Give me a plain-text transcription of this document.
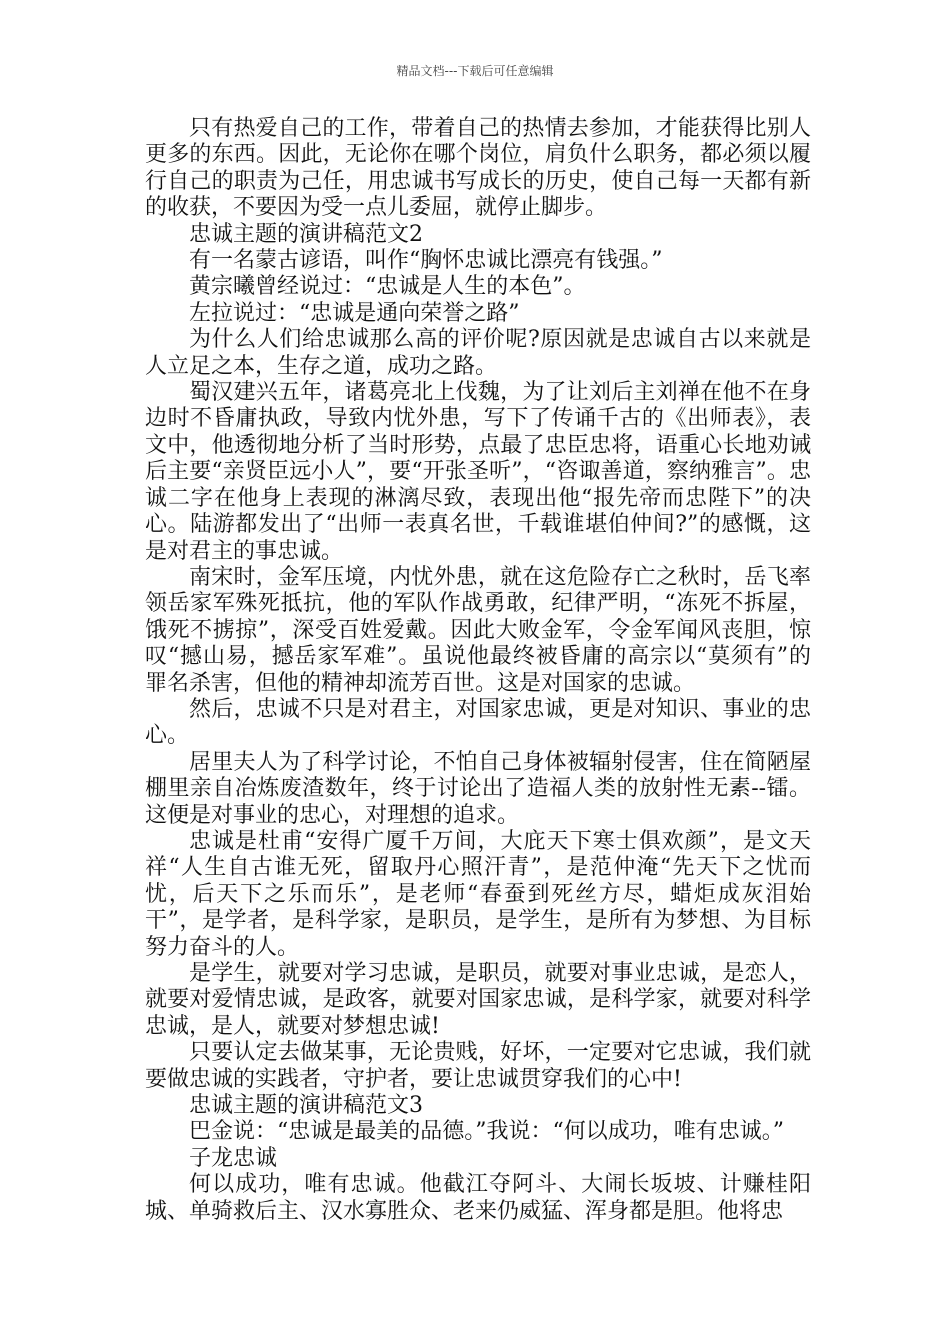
精品文档---下载后可任意编辑

只有热爱自己的工作，带着自己的热情去参加，才能获得比别人更多的东西。因此，无论你在哪个岗位，肩负什么职务，都必须以履行自己的职责为己任，用忠诚书写成长的历史，使自己每一天都有新的收获，不要因为受一点儿委屈，就停止脚步。

忠诚主题的演讲稿范文2

有一名蒙古谚语，叫作“胸怀忠诚比漂亮有钱强。”

黄宗曦曾经说过：“忠诚是人生的本色”。

左拉说过：“忠诚是通向荣誉之路”

为什么人们给忠诚那么高的评价呢?原因就是忠诚自古以来就是人立足之本，生存之道，成功之路。

蜀汉建兴五年，诸葛亮北上伐魏，为了让刘后主刘禅在他不在身边时不昏庸执政，导致内忧外患，写下了传诵千古的《出师表》，表文中，他透彻地分析了当时形势，点最了忠臣忠将，语重心长地劝诫后主要“亲贤臣远小人”，要“开张圣听”，“咨诹善道，察纳雅言”。忠诚二字在他身上表现的淋漓尽致，表现出他“报先帝而忠陛下”的决心。陆游都发出了“出师一表真名世，千载谁堪伯仲间?”的感慨，这是对君主的事忠诚。

南宋时，金军压境，内忧外患，就在这危险存亡之秋时，岳飞率领岳家军殊死抵抗，他的军队作战勇敢，纪律严明，“冻死不拆屋，饿死不掳掠”，深受百姓爱戴。因此大败金军，令金军闻风丧胆，惊叹“撼山易，撼岳家军难”。虽说他最终被昏庸的高宗以“莫须有”的 罪名杀害，但他的精神却流芳百世。这是对国家的忠诚。

然后，忠诚不只是对君主，对国家忠诚，更是对知识、事业的忠心。

居里夫人为了科学讨论，不怕自己身体被辐射侵害，住在简陋屋棚里亲自冶炼废渣数年，终于讨论出了造福人类的放射性无素--镭。这便是对事业的忠心，对理想的追求。

忠诚是杜甫“安得广厦千万间，大庇天下寒士俱欢颜”，是文天祥“人生自古谁无死，留取丹心照汗青”，是范仲淹“先天下之忧而忧，后天下之乐而乐”，是老师“春蚕到死丝方尽，蜡炬成灰泪始干”，是学者，是科学家，是职员，是学生，是所有为梦想、为目标努力奋斗的人。

是学生，就要对学习忠诚，是职员，就要对事业忠诚，是恋人，就要对爱情忠诚，是政客，就要对国家忠诚，是科学家，就要对科学忠诚，是人，就要对梦想忠诚!

只要认定去做某事，无论贵贱，好坏，一定要对它忠诚，我们就要做忠诚的实践者，守护者，要让忠诚贯穿我们的心中!

忠诚主题的演讲稿范文3

巴金说：“忠诚是最美的品德。”我说：“何以成功，唯有忠诚。”

子龙忠诚

何以成功，唯有忠诚。他截江夺阿斗、大闹长坂坡、计赚桂阳城、单骑救后主、汉水寡胜众、老来仍威猛、浑身都是胆。他将忠
